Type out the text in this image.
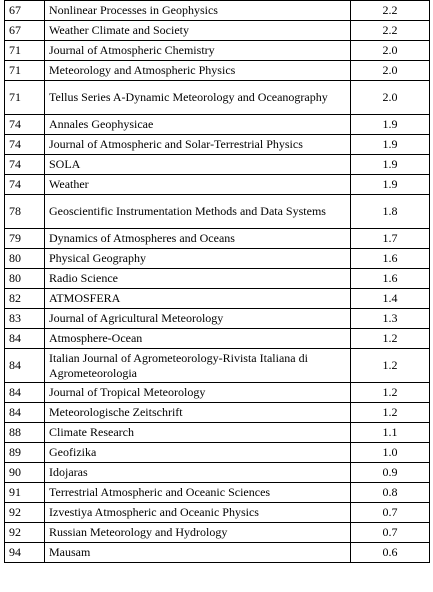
67	Nonlinear Processes in Geophysics	2.2
67	Weather Climate and Society	2.2
71	Journal of Atmospheric Chemistry	2.0
71	Meteorology and Atmospheric Physics	2.0
71	Tellus Series A-Dynamic Meteorology and Oceanography	2.0
74	Annales Geophysicae	1.9
74	Journal of Atmospheric and Solar-Terrestrial Physics	1.9
74	SOLA	1.9
74	Weather	1.9
78	Geoscientific Instrumentation Methods and Data Systems	1.8
79	Dynamics of Atmospheres and Oceans	1.7
80	Physical Geography	1.6
80	Radio Science	1.6
82	ATMOSFERA	1.4
83	Journal of Agricultural Meteorology	1.3
84	Atmosphere-Ocean	1.2
84	Italian Journal of Agrometeorology-Rivista Italiana di Agrometeorologia	1.2
84	Journal of Tropical Meteorology	1.2
84	Meteorologische Zeitschrift	1.2
88	Climate Research	1.1
89	Geofizika	1.0
90	Idojaras	0.9
91	Terrestrial Atmospheric and Oceanic Sciences	0.8
92	Izvestiya Atmospheric and Oceanic Physics	0.7
92	Russian Meteorology and Hydrology	0.7
94	Mausam	0.6
